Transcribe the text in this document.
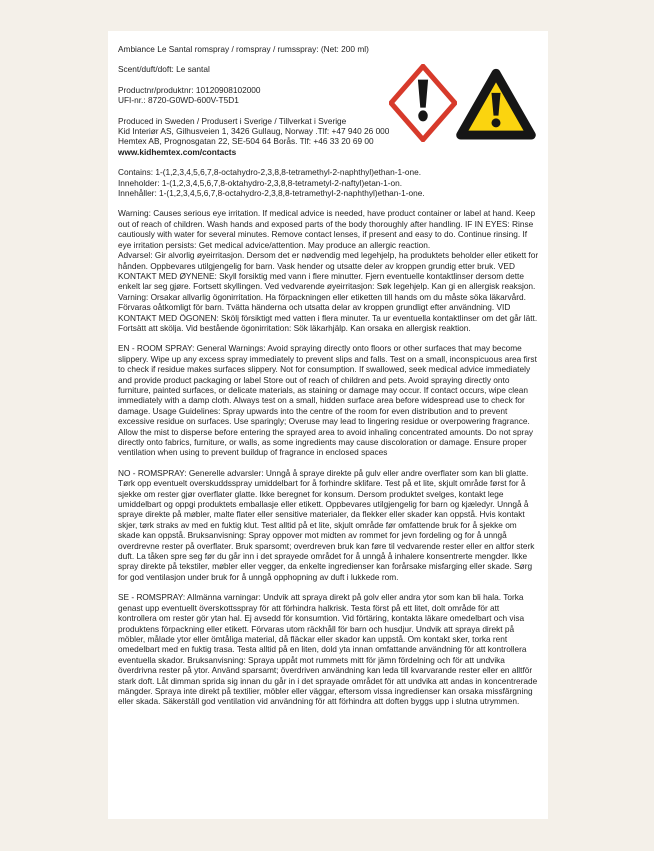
Ambiance Le Santal romspray / romspray / rumsspray: (Net: 200 ml)
Scent/duft/doft: Le santal
Productnr/produktnr: 10120908102000
UFI-nr.: 8720-G0WD-600V-T5D1
Produced in Sweden / Produsert i Sverige / Tillverkat i Sverige
Kid Interiør AS, Gilhusveien 1, 3426 Gullaug, Norway .Tlf: +47 940 26 000
Hemtex AB, Prognosgatan 22, SE-504 64 Borås. Tlf: +46 33 20 69 00
www.kidhemtex.com/contacts
Contains: 1-(1,2,3,4,5,6,7,8-octahydro-2,3,8,8-tetramethyl-2-naphthyl)ethan-1-one.
Inneholder: 1-(1,2,3,4,5,6,7,8-oktahydro-2,3,8,8-tetrametyl-2-naftyl)etan-1-on.
Innehåller: 1-(1,2,3,4,5,6,7,8-octahydro-2,3,8,8-tetramethyl-2-naphthyl)ethan-1-one.
Warning: Causes serious eye irritation. If medical advice is needed, have product container or label at hand. Keep out of reach of children. Wash hands and exposed parts of the body thoroughly after handling. IF IN EYES: Rinse cautiously with water for several minutes. Remove contact lenses, if present and easy to do. Continue rinsing. If eye irritation persists: Get medical advice/attention. May produce an allergic reaction.
Advarsel: Gir alvorlig øyeirritasjon. Dersom det er nødvendig med legehjelp, ha produktets beholder eller etikett for hånden. Oppbevares utilgjengelig for barn. Vask hender og utsatte deler av kroppen grundig etter bruk. VED KONTAKT MED ØYNENE: Skyll forsiktig med vann i flere minutter. Fjern eventuelle kontaktlinser dersom dette enkelt lar seg gjøre. Fortsett skyllingen. Ved vedvarende øyeirritasjon: Søk legehjelp. Kan gi en allergisk reaksjon.
Varning: Orsakar allvarlig ögonirritation. Ha förpackningen eller etiketten till hands om du måste söka läkarvård. Förvaras oåtkomligt för barn. Tvätta händerna och utsatta delar av kroppen grundligt efter användning. VID KONTAKT MED ÖGONEN: Skölj försiktigt med vatten i flera minuter. Ta ur eventuella kontaktlinser om det går lätt. Fortsätt att skölja. Vid bestående ögonirritation: Sök läkarhjälp. Kan orsaka en allergisk reaktion.
EN - ROOM SPRAY: General Warnings: Avoid spraying directly onto floors or other surfaces that may become slippery. Wipe up any excess spray immediately to prevent slips and falls. Test on a small, inconspicuous area first to check if residue makes surfaces slippery. Not for consumption. If swallowed, seek medical advice immediately and provide product packaging or label Store out of reach of children and pets. Avoid spraying directly onto furniture, painted surfaces, or delicate materials, as staining or damage may occur. If contact occurs, wipe clean immediately with a damp cloth. Always test on a small, hidden surface area before widespread use to check for damage. Usage Guidelines: Spray upwards into the centre of the room for even distribution and to prevent excessive residue on surfaces. Use sparingly; Overuse may lead to lingering residue or overpowering fragrance. Allow the mist to disperse before entering the sprayed area to avoid inhaling concentrated amounts. Do not spray directly onto fabrics, furniture, or walls, as some ingredients may cause discoloration or damage. Ensure proper ventilation when using to prevent buildup of fragrance in enclosed spaces
NO - ROMSPRAY: Generelle advarsler: Unngå å spraye direkte på gulv eller andre overflater som kan bli glatte. Tørk opp eventuelt overskuddsspray umiddelbart for å forhindre sklifare. Test på et lite, skjult område først for å sjekke om rester gjør overflater glatte. Ikke beregnet for konsum. Dersom produktet svelges, kontakt lege umiddelbart og oppgi produktets emballasje eller etikett. Oppbevares utilgjengelig for barn og kjæledyr. Unngå å spraye direkte på møbler, malte flater eller sensitive materialer, da flekker eller skader kan oppstå. Hvis kontakt skjer, tørk straks av med en fuktig klut. Test alltid på et lite, skjult område før omfattende bruk for å sjekke om skade kan oppstå. Bruksanvisning: Spray oppover mot midten av rommet for jevn fordeling og for å unngå overdrevne rester på overflater. Bruk sparsomt; overdreven bruk kan føre til vedvarende rester eller en altfor sterk duft. La tåken spre seg før du går inn i det sprayede området for å unngå å inhalere konsentrerte mengder. Ikke spray direkte på tekstiler, møbler eller vegger, da enkelte ingredienser kan forårsake misfarging eller skade. Sørg for god ventilasjon under bruk for å unngå opphopning av duft i lukkede rom.
SE - ROMSPRAY: Allmänna varningar: Undvik att spraya direkt på golv eller andra ytor som kan bli hala. Torka genast upp eventuellt överskottsspray för att förhindra halkrisk. Testa först på ett litet, dolt område för att kontrollera om rester gör ytan hal. Ej avsedd för konsumtion. Vid förtäring, kontakta läkare omedelbart och visa produktens förpackning eller etikett. Förvaras utom räckhåll för barn och husdjur. Undvik att spraya direkt på möbler, målade ytor eller ömtåliga material, då fläckar eller skador kan uppstå. Om kontakt sker, torka rent omedelbart med en fuktig trasa. Testa alltid på en liten, dold yta innan omfattande användning för att kontrollera eventuella skador. Bruksanvisning: Spraya uppåt mot rummets mitt för jämn fördelning och för att undvika överdrivna rester på ytor. Använd sparsamt; överdriven användning kan leda till kvarvarande rester eller en alltför stark doft. Låt dimman sprida sig innan du går in i det sprayade området för att undvika att andas in koncentrerade mängder. Spraya inte direkt på textilier, möbler eller väggar, eftersom vissa ingredienser kan orsaka missfärgning eller skada. Säkerställ god ventilation vid användning för att förhindra att doften byggs upp i slutna utrymmen.
